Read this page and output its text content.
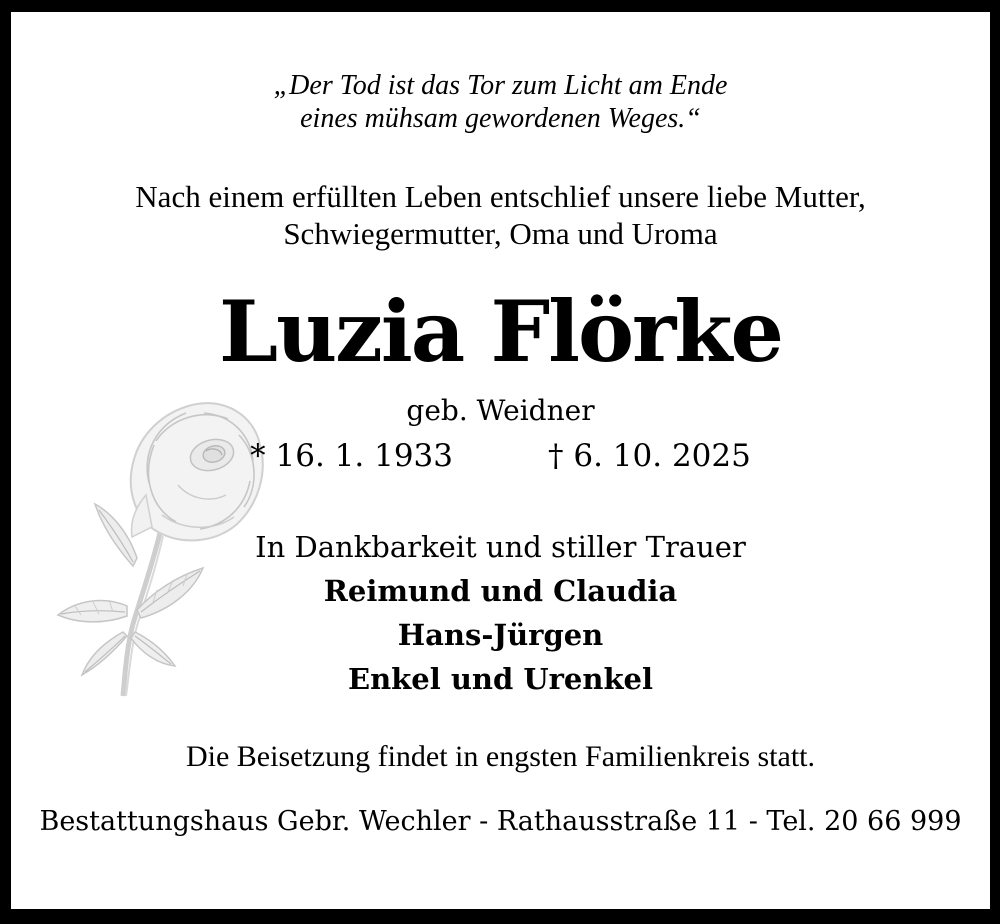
„Der Tod ist das Tor zum Licht am Ende
eines mühsam gewordenen Weges.“
Nach einem erfüllten Leben entschlief unsere liebe Mutter,
Schwiegermutter, Oma und Uroma
Luzia Flörke
geb. Weidner
* 16. 1. 1933	† 6. 10. 2025
In Dankbarkeit und stiller Trauer
Reimund und Claudia
Hans-Jürgen
Enkel und Urenkel
Die Beisetzung findet in engsten Familienkreis statt.
Bestattungshaus Gebr. Wechler - Rathausstraße 11 - Tel. 20 66 999
